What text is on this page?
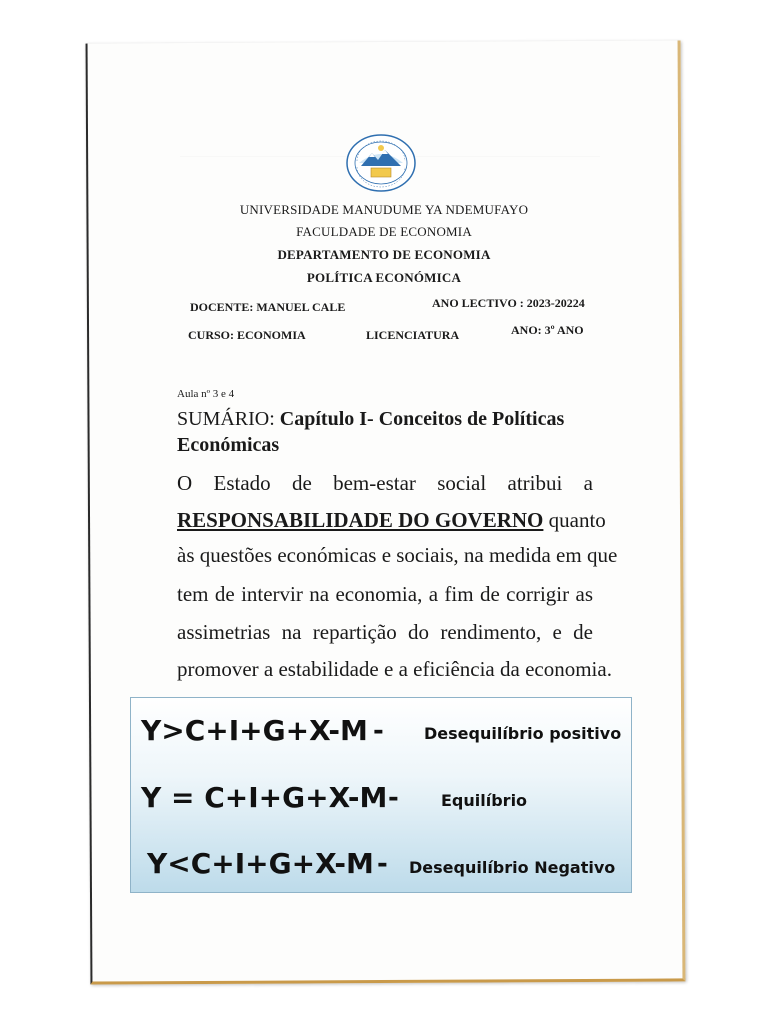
UNIVERSIDADE MANUDUME YA NDEMUFAYO
FACULDADE DE ECONOMIA
DEPARTAMENTO DE ECONOMIA
POLÍTICA ECONÓMICA
DOCENTE: MANUEL CALE	ANO LECTIVO : 2023-20224
CURSO: ECONOMIA	LICENCIATURA	ANO: 3º ANO
Aula nº 3 e 4
SUMÁRIO: Capítulo I- Conceitos de Políticas Económicas
O Estado de bem-estar social atribui a
RESPONSABILIDADE DO GOVERNO quanto
às questões económicas e sociais, na medida em que
tem de intervir na economia, a fim de corrigir as
assimetrias na repartição do rendimento, e de
promover a estabilidade e a eficiência da economia.
Y>C+I+G+X-M -	Desequilíbrio positivo
Y = C+I+G+X-M -	Equilíbrio
Y<C+I+G+X-M - Desequilíbrio Negativo
